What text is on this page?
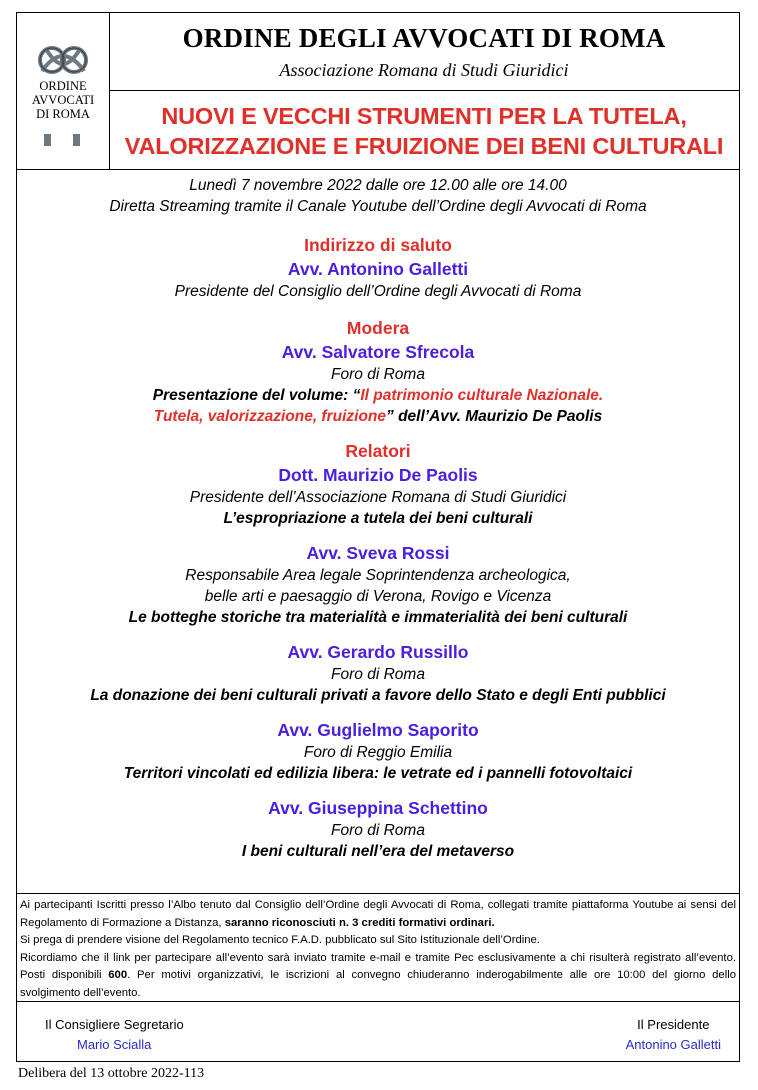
ORDINE
AVVOCATI
DI ROMA
ORDINE DEGLI AVVOCATI DI ROMA
Associazione Romana di Studi Giuridici
NUOVI E VECCHI STRUMENTI PER LA TUTELA,
VALORIZZAZIONE E FRUIZIONE DEI BENI CULTURALI
Lunedì 7 novembre 2022 dalle ore 12.00 alle ore 14.00
Diretta Streaming tramite il Canale Youtube dell’Ordine degli Avvocati di Roma
Indirizzo di saluto
Avv. Antonino Galletti
Presidente del Consiglio dell’Ordine degli Avvocati di Roma
Modera
Avv. Salvatore Sfrecola
Foro di Roma
Presentazione del volume: “Il patrimonio culturale Nazionale.
Tutela, valorizzazione, fruizione” dell’Avv. Maurizio De Paolis
Relatori
Dott. Maurizio De Paolis
Presidente dell’Associazione Romana di Studi Giuridici
L’espropriazione a tutela dei beni culturali
Avv. Sveva Rossi
Responsabile Area legale Soprintendenza archeologica,
belle arti e paesaggio di Verona, Rovigo e Vicenza
Le botteghe storiche tra materialità e immaterialità dei beni culturali
Avv. Gerardo Russillo
Foro di Roma
La donazione dei beni culturali privati a favore dello Stato e degli Enti pubblici
Avv. Guglielmo Saporito
Foro di Reggio Emilia
Territori vincolati ed edilizia libera: le vetrate ed i pannelli fotovoltaici
Avv. Giuseppina Schettino
Foro di Roma
I beni culturali nell’era del metaverso

Ai partecipanti Iscritti presso l’Albo tenuto dal Consiglio dell’Ordine degli Avvocati di Roma, collegati tramite piattaforma Youtube ai sensi del Regolamento di Formazione a Distanza, saranno riconosciuti n. 3 crediti formativi ordinari.

Si prega di prendere visione del Regolamento tecnico F.A.D. pubblicato sul Sito Istituzionale dell’Ordine.

Ricordiamo che il link per partecipare all’evento sarà inviato tramite e-mail e tramite Pec esclusivamente a chi risulterà registrato all’evento. Posti disponibili 600. Per motivi organizzativi, le iscrizioni al convegno chiuderanno inderogabilmente alle ore 10:00 del giorno dello svolgimento dell’evento.

Il Consigliere Segretario
Mario Scialla
Il Presidente
Antonino Galletti
Delibera del 13 ottobre 2022-113
